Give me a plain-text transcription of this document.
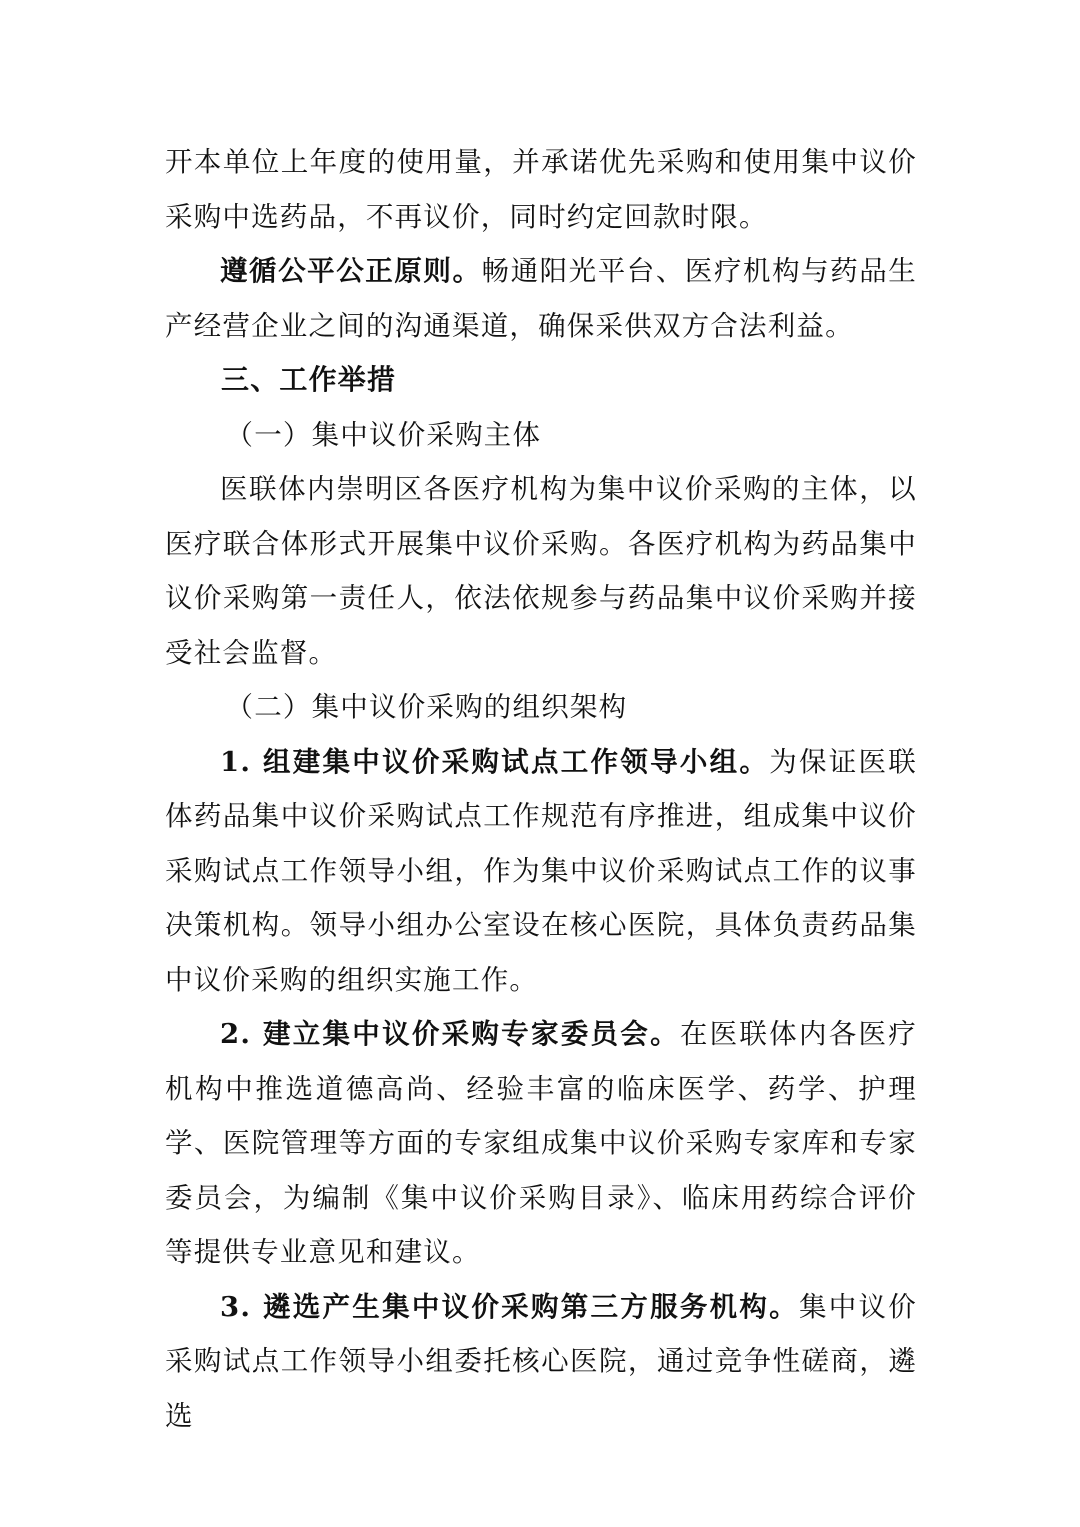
开本单位上年度的使用量，并承诺优先采购和使用集中议价采购中选药品，不再议价，同时约定回款时限。

遵循公平公正原则。畅通阳光平台、医疗机构与药品生产经营企业之间的沟通渠道，确保采供双方合法利益。

三、工作举措

（一）集中议价采购主体

医联体内崇明区各医疗机构为集中议价采购的主体，以医疗联合体形式开展集中议价采购。各医疗机构为药品集中议价采购第一责任人，依法依规参与药品集中议价采购并接受社会监督。

（二）集中议价采购的组织架构

1. 组建集中议价采购试点工作领导小组。为保证医联体药品集中议价采购试点工作规范有序推进，组成集中议价采购试点工作领导小组，作为集中议价采购试点工作的议事决策机构。领导小组办公室设在核心医院，具体负责药品集中议价采购的组织实施工作。

2. 建立集中议价采购专家委员会。在医联体内各医疗机构中推选道德高尚、经验丰富的临床医学、药学、护理学、医院管理等方面的专家组成集中议价采购专家库和专家委员会，为编制《集中议价采购目录》、临床用药综合评价等提供专业意见和建议。

3. 遴选产生集中议价采购第三方服务机构。集中议价采购试点工作领导小组委托核心医院，通过竞争性磋商，遴选
